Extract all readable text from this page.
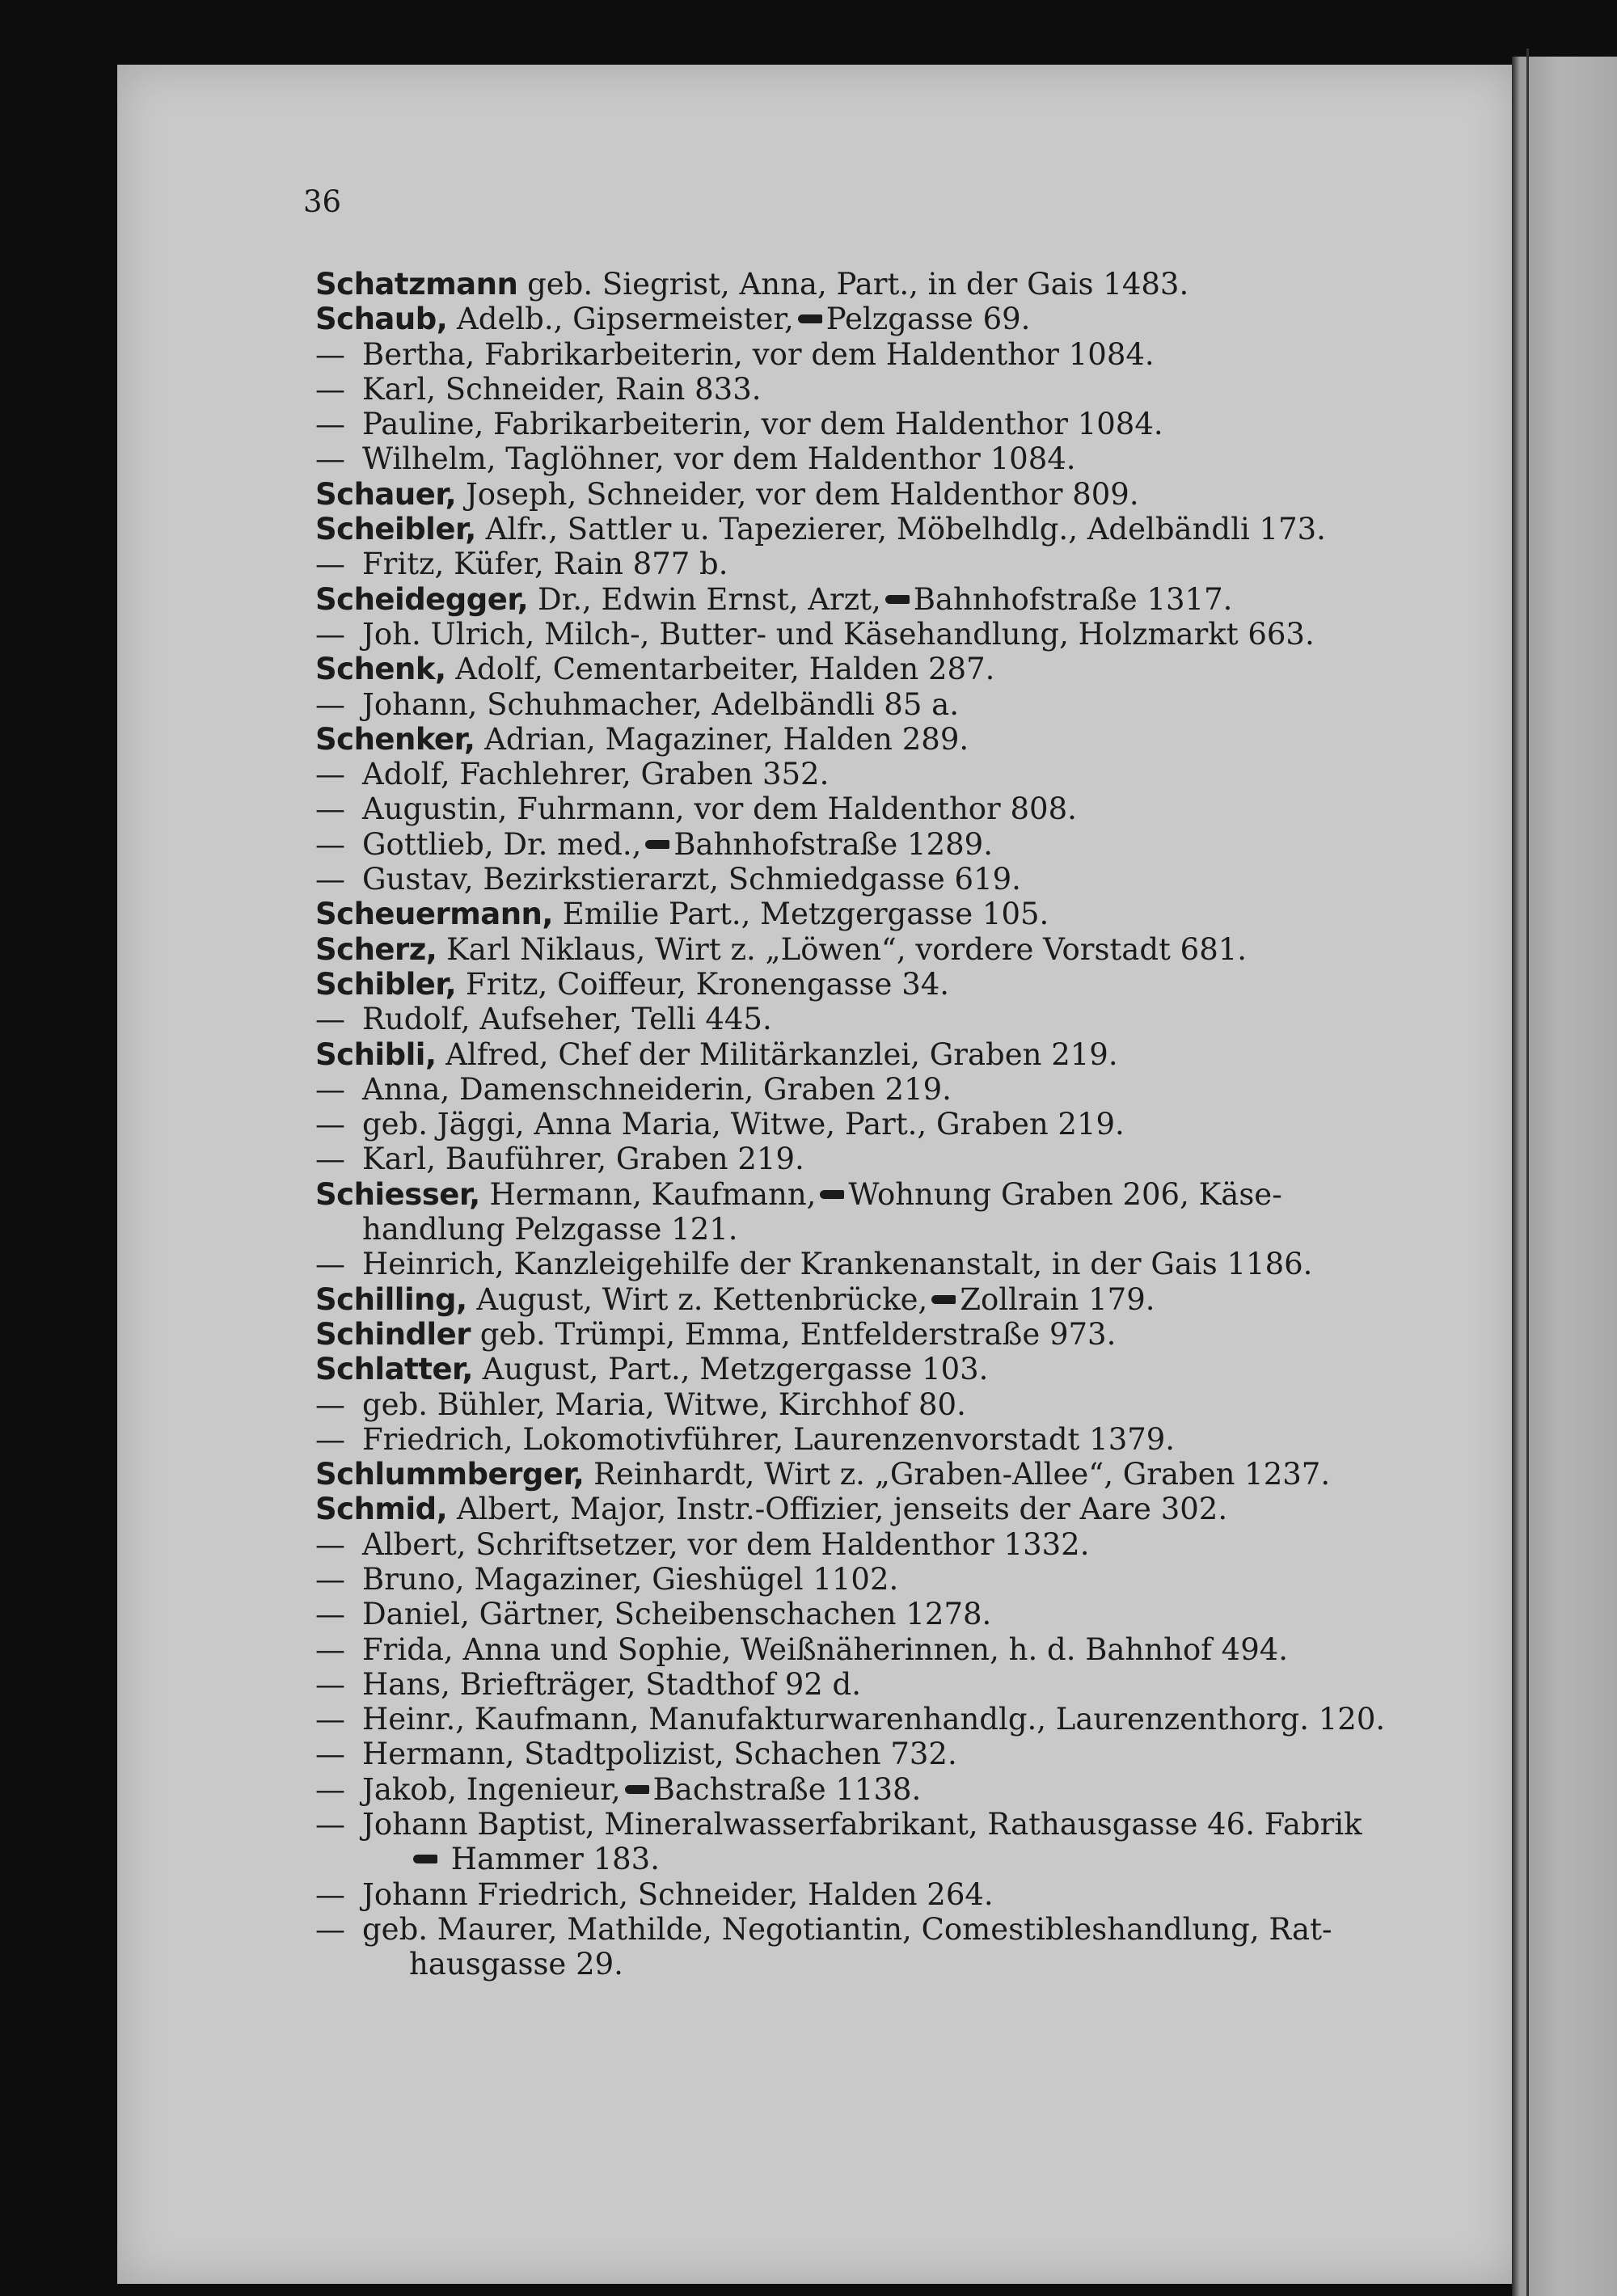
36

Schatzmann geb. Siegrist, Anna, Part., in der Gais 1483.
Schaub, Adelb., Gipsermeister, Pelzgasse 69.
—Bertha, Fabrikarbeiterin, vor dem Haldenthor 1084.
—Karl, Schneider, Rain 833.
—Pauline, Fabrikarbeiterin, vor dem Haldenthor 1084.
—Wilhelm, Taglöhner, vor dem Haldenthor 1084.
Schauer, Joseph, Schneider, vor dem Haldenthor 809.
Scheibler, Alfr., Sattler u. Tapezierer, Möbelhdlg., Adelbändli 173.
—Fritz, Küfer, Rain 877 b.
Scheidegger, Dr., Edwin Ernst, Arzt, Bahnhofstraße 1317.
—Joh. Ulrich, Milch-, Butter- und Käsehandlung, Holzmarkt 663.
Schenk, Adolf, Cementarbeiter, Halden 287.
—Johann, Schuhmacher, Adelbändli 85 a.
Schenker, Adrian, Magaziner, Halden 289.
—Adolf, Fachlehrer, Graben 352.
—Augustin, Fuhrmann, vor dem Haldenthor 808.
—Gottlieb, Dr. med., Bahnhofstraße 1289.
—Gustav, Bezirkstierarzt, Schmiedgasse 619.
Scheuermann, Emilie Part., Metzgergasse 105.
Scherz, Karl Niklaus, Wirt z. „Löwen“, vordere Vorstadt 681.
Schibler, Fritz, Coiffeur, Kronengasse 34.
—Rudolf, Aufseher, Telli 445.
Schibli, Alfred, Chef der Militärkanzlei, Graben 219.
—Anna, Damenschneiderin, Graben 219.
—geb. Jäggi, Anna Maria, Witwe, Part., Graben 219.
—Karl, Bauführer, Graben 219.
Schiesser, Hermann, Kaufmann, Wohnung Graben 206, Käse-
handlung Pelzgasse 121.
—Heinrich, Kanzleigehilfe der Krankenanstalt, in der Gais 1186.
Schilling, August, Wirt z. Kettenbrücke, Zollrain 179.
Schindler geb. Trümpi, Emma, Entfelderstraße 973.
Schlatter, August, Part., Metzgergasse 103.
—geb. Bühler, Maria, Witwe, Kirchhof 80.
—Friedrich, Lokomotivführer, Laurenzenvorstadt 1379.
Schlummberger, Reinhardt, Wirt z. „Graben-Allee“, Graben 1237.
Schmid, Albert, Major, Instr.-Offizier, jenseits der Aare 302.
—Albert, Schriftsetzer, vor dem Haldenthor 1332.
—Bruno, Magaziner, Gieshügel 1102.
—Daniel, Gärtner, Scheibenschachen 1278.
—Frida, Anna und Sophie, Weißnäherinnen, h. d. Bahnhof 494.
—Hans, Briefträger, Stadthof 92 d.
—Heinr., Kaufmann, Manufakturwarenhandlg., Laurenzenthorg. 120.
—Hermann, Stadtpolizist, Schachen 732.
—Jakob, Ingenieur, Bachstraße 1138.
—Johann Baptist, Mineralwasserfabrikant, Rathausgasse 46. Fabrik
Hammer 183.
—Johann Friedrich, Schneider, Halden 264.
—geb. Maurer, Mathilde, Negotiantin, Comestibleshandlung, Rat-
hausgasse 29.
